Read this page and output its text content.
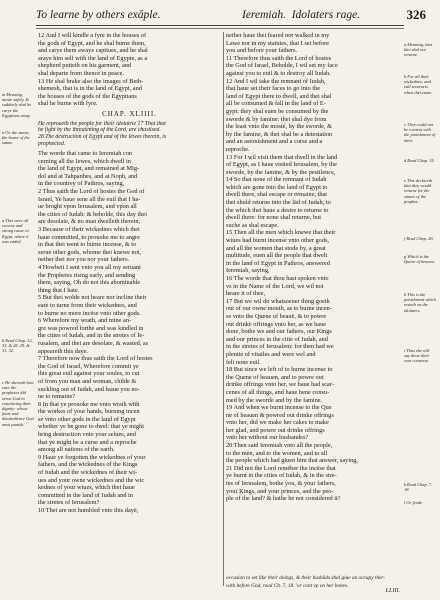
To learne by others exāple.	Ieremiah. Idolaters rage.	326
m Meaning, moste safely, & suddenly shal he carye the Egyptians away.
n Or, the sunne, the house of the sunne.
a Thei were all sworne and strong cause in Egypt, where it was ended.
b Read Chap. 32, 33. & 28. 29. & 31. 32.
c He sheweth how euer the prophetes did serue God in conuincing their dignity: whose faute and disobedience God must punish.
12 And I will kindle a fyre in the houses of
the gods of Egypt, and he shal burne them,
and carye them awaye captiues, and he shal
araye him self with the land of Egypte, as a
shepherd putteth on his garment, and
shal departe from thence in peace.
13 He shal brake also the images of Beth-
shemesh, that is in the land of Egypt, and
the houses of the gods of the Egyptians
shal he burne with fyre.
CHAP. XLIIII.
He reproueth the people for their idolatrie 17 That that
he fight by the threatening of the Lord, are chastised.
28 The destruction of Egypt and of the Iewes therein, is
prophecied.
The worde that came to Ieremiah con
cerning all the Iewes, which dwell in
the land of Egypt, and remained at Mig-
dol and at Tahpanhes, and at Noph, and
in the countrey of Pathros, saying,
2 Thus saith the Lord of hostes the God of
Israel, Ye haue sene all the euil that I ha-
ue broght vpon Ierusalem, and vpon all
the cities of Iudah: & beholde, this day thei
are desolate, & no man dwelleth therein,
3 Because of their wickednes which thei
haue committed, to prouoke me to angre
in that thei went to burne incense, & to
serue other gods, whome thei knewe not,
nether thei nor you nor your fathers.
4 Howbeit I sent vnto you all my seruant
the Prophetes rising early, and sending
them, saying, Oh do not this abominable
thing that I hate.
5 But thei wolde not heare nor incline their
eare to turne from their wickednes, and
to burne no more incēse vnto other gods.
6 Wherefore my wrath, and mine an-
gre was powred forthe and was kindled in
the cities of Iudah, and in the stretes of Ie-
rusalem, and thei are desolate, & wasted, as
appeareth this daye.
7 Therefore now thus saith the Lord of hostes
the God of Israel, Wherefore commit ye
this great euil against your soules, to cut
of from you man and woman, childe &
suckling out of Iudah, and leaue you no-
ne to remaine?
8 In that ye prouoke me vnto wrath with
the workes of your hands, burning incen
se vnto other gods in the land of Egypt
whether ye be gone to dwel: that ye might
bring destruction vnto your selues, and
that ye might be a curse and a reproche
among all nations of the earth.
9 Haue ye forgotten the wickednes of your
fathers, and the wickednes of the Kings
of Iudah and the wickednes of their wi-
ues and your owne wickednes and the wic
kednes of your wiues, which thei haue
committed in the land of Iudah and in
the stretes of Ierusalem?
10 Thei are not humbled vnto this dayē,
nether haue thei feared nor walked in my
Lawe nor in my statutes, that I set before
you and before your fathers.
11 Therefore thus saith the Lord of hostes
the God of Israel, Beholde, I wil set my face
against you to euil & to destroy all Iudah.
12 And I wil take the remnant of Iudah,
that haue set their faces to go into the
land of Egypt there to dwell, and thei shal
all be consumed & fall in the land of E-
gypt: they shal euen be consumed by the
sworde & by famine: thei shal dye from
the least vnto the moste, by the sworde, &
by the famine, & thei shal be a detestation
and an astonishment and a curse and a
reproche.
13 For I wil visit them that dwell in the land
of Egypt, as I haue visited Ierusalem, by the
sworde, by the famine, & by the pestilence,
14 So that none of the remnant of Iudah
which are gone into the land of Egypt to
dwell there, shal escape or remaine, that
thei shuld returne into the lād of Iudah, to
the which thei haue a desire to returne to
dwell there: for none shal returne, but
suche as shal escape.
15 Then all the men which knewe that their
wiues had burnt incense vnto other gods,
and all the women that stode by, a great
multitude, euen all the people that dwelt
in the land of Egypt in Pathros, answered
Ieremiah, saying,
16 The worde that thou hast spoken vnto
vs in the Name of the Lord, we wil not
heare it of thee,
17 But we wil do whatsoeuer thing goeth
out of our owne mouth, as to burne incen-
se vnto the Quene of heauē, & to powre
out drinke offrings vnto her, as we haue
done, bothe we and our fathers, our Kings
and our princes in the citie of Iudah, and
in the stretes of Ierusalem: for then had we
plentie of vitailes and were wel and
felt none euil.
18 But since we left of to burne incense to
the Quene of heauen, and to powre out
drinke offrings vnto her, we haue had scar-
cenes of all things, and haue bene consu-
med by the sworde and by the famine.
19 And when we burnt incense to the Que
ne of heauen & powred out drinke offrings
vnto her, did we make her cakes to make
her glad, and powre out drinke offrings
vnto her without our husbandes?
20 Then said Ieremiah vnto all the people,
to the men, and to the women, and to all
the people which had giuen him that answer, saying,
21 Did not the Lord remēber the incēse that
ye burnt in the cities of Iudah, & in the stre-
tes of Ierusalem, bothe you, & your fathers,
your Kings, and your princes, and the peo-
ple of the land? & hathe he not considered it?
a Meaning, that thei shal not returne.
b For all their wickednes, and euil sentencis when thei came.
c They could not be content with the punishment of their.
d Read Chap. 15.
e This declareth that they would returne for the sinnes of the prophet.
f Read Chap. 26.
g Which is the Quene of heauen.
h This is the punishment which resteth on the idolaters.
i Thus she will say these their own conuerse.
k Read Chap. 7. 18.
l Or, feede.
occasion to set like their doings, & their husbāds shal giue an occupy ther-
with before God, read Ch. 7, 18. 'or cont vp on her bones.
LI.III.
